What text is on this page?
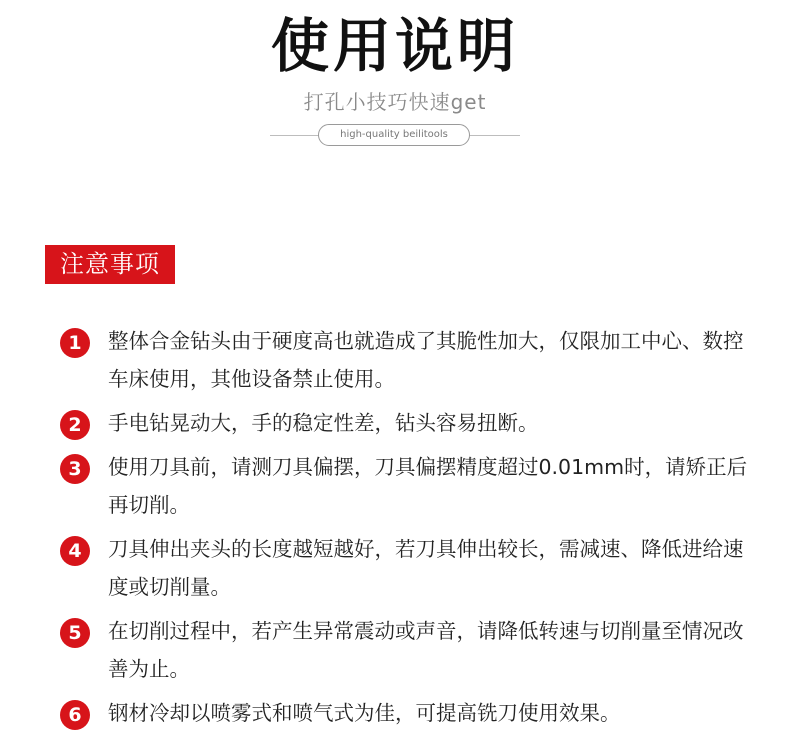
使用说明
打孔小技巧快速get
high-quality beilitools
注意事项
1	整体合金钻头由于硬度高也就造成了其脆性加大，仅限加工中心、数控车床使用，其他设备禁止使用。
2	手电钻晃动大，手的稳定性差，钻头容易扭断。
3	使用刀具前，请测刀具偏摆，刀具偏摆精度超过0.01mm时，请矫正后再切削。
4	刀具伸出夹头的长度越短越好，若刀具伸出较长，需减速、降低进给速度或切削量。
5	在切削过程中，若产生异常震动或声音，请降低转速与切削量至情况改善为止。
6	钢材冷却以喷雾式和喷气式为佳，可提高铣刀使用效果。
